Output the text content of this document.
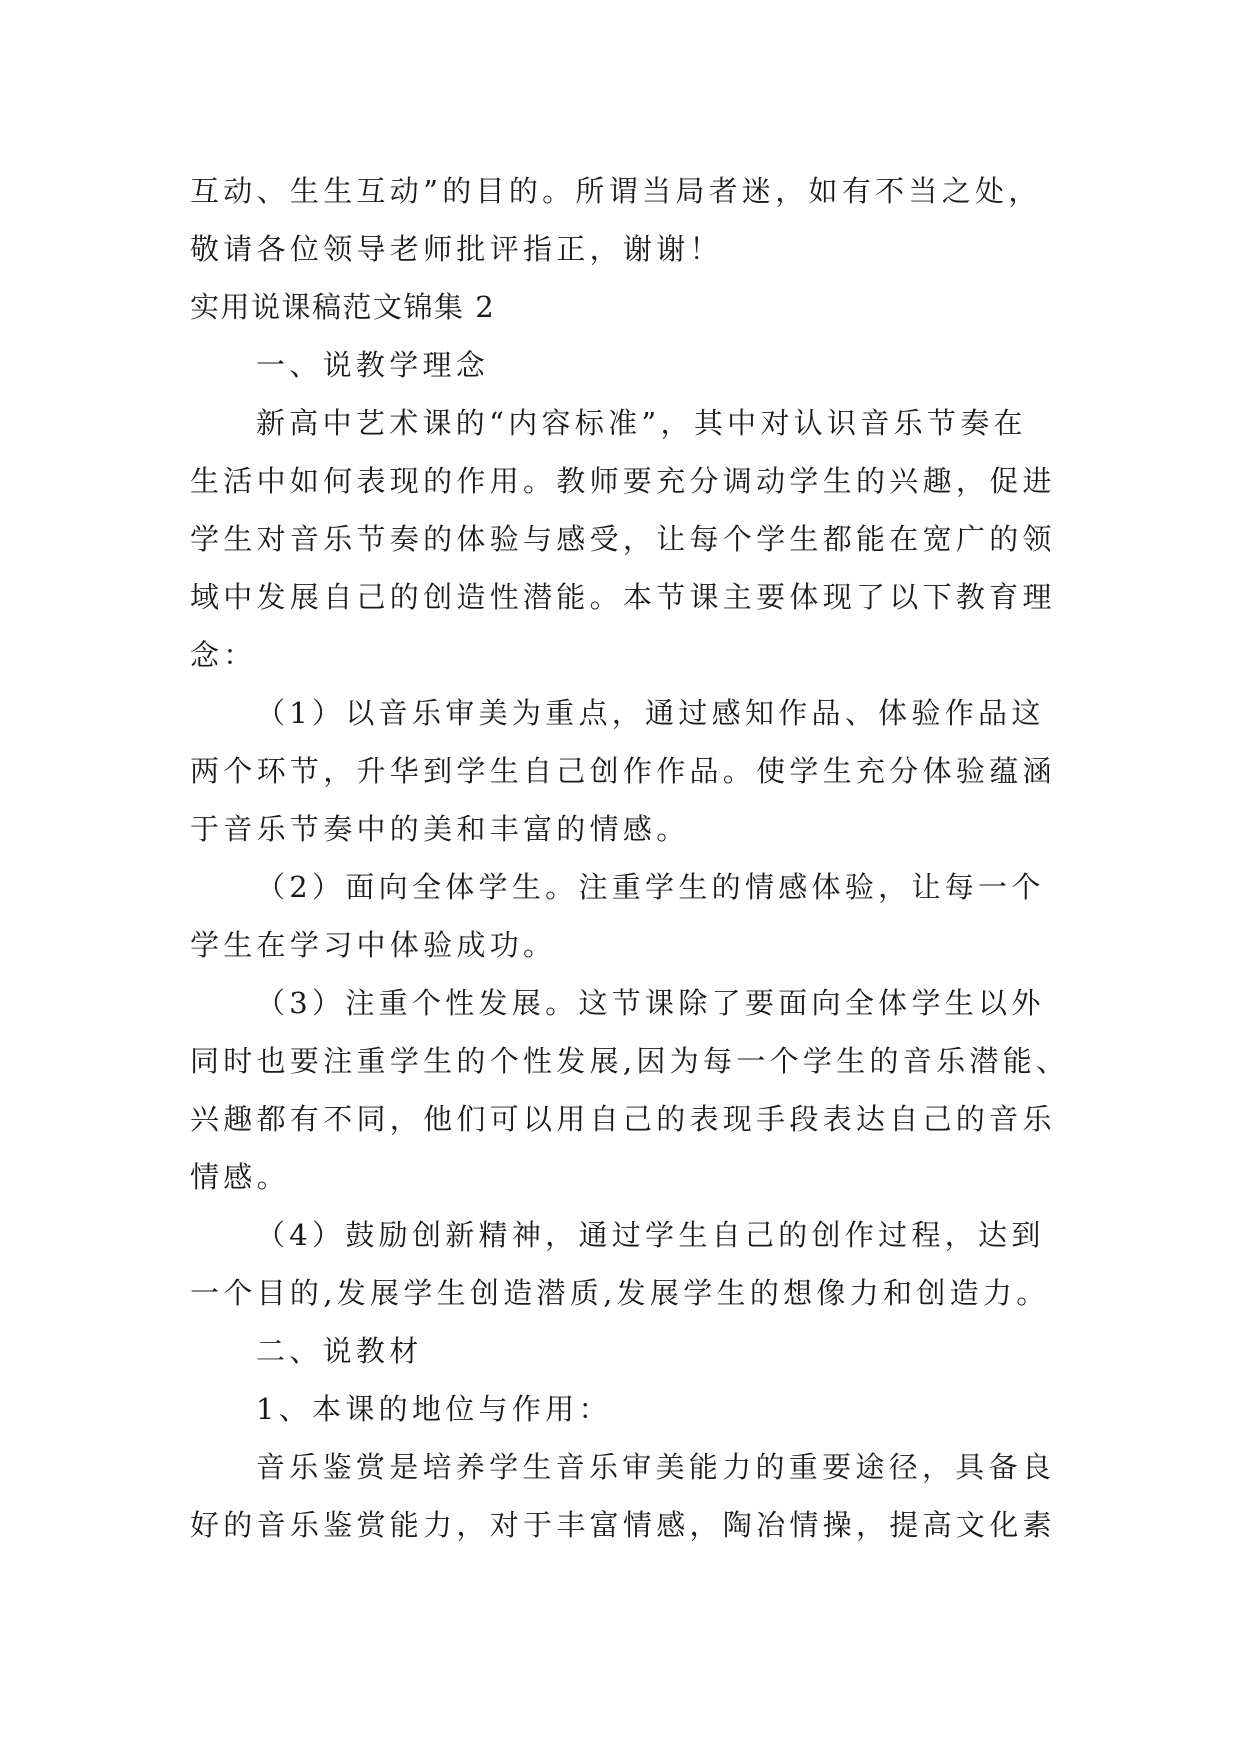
互动、生生互动”的目的。所谓当局者迷，如有不当之处，
敬请各位领导老师批评指正，谢谢！
实用说课稿范文锦集 2
一、说教学理念
新高中艺术课的“内容标准”，其中对认识音乐节奏在
生活中如何表现的作用。教师要充分调动学生的兴趣，促进
学生对音乐节奏的体验与感受，让每个学生都能在宽广的领
域中发展自己的创造性潜能。本节课主要体现了以下教育理
念：
（1）以音乐审美为重点，通过感知作品、体验作品这
两个环节，升华到学生自己创作作品。使学生充分体验蕴涵
于音乐节奏中的美和丰富的情感。
（2）面向全体学生。注重学生的情感体验，让每一个
学生在学习中体验成功。
（3）注重个性发展。这节课除了要面向全体学生以外
同时也要注重学生的个性发展,因为每一个学生的音乐潜能、
兴趣都有不同，他们可以用自己的表现手段表达自己的音乐
情感。
（4）鼓励创新精神，通过学生自己的创作过程，达到
一个目的,发展学生创造潜质,发展学生的想像力和创造力。
二、说教材
1、本课的地位与作用：
音乐鉴赏是培养学生音乐审美能力的重要途径，具备良
好的音乐鉴赏能力，对于丰富情感，陶冶情操，提高文化素
